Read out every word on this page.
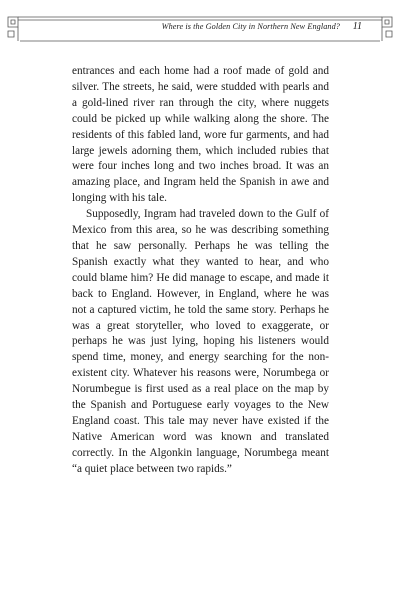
Where is the Golden City in Northern New England? 11

entrances and each home had a roof made of gold and silver. The streets, he said, were studded with pearls and a gold-lined river ran through the city, where nuggets could be picked up while walking along the shore. The residents of this fabled land, wore fur garments, and had large jewels adorning them, which included rubies that were four inches long and two inches broad. It was an amazing place, and Ingram held the Spanish in awe and longing with his tale.

Supposedly, Ingram had traveled down to the Gulf of Mexico from this area, so he was describing something that he saw personally. Perhaps he was telling the Spanish exactly what they wanted to hear, and who could blame him? He did manage to escape, and made it back to England. However, in England, where he was not a captured victim, he told the same story. Perhaps he was a great storyteller, who loved to exaggerate, or perhaps he was just lying, hoping his listeners would spend time, money, and energy searching for the non-existent city. Whatever his reasons were, Norumbega or Norumbegue is first used as a real place on the map by the Spanish and Portuguese early voyages to the New England coast. This tale may never have existed if the Native American word was known and translated correctly. In the Algonkin language, Norumbega meant “a quiet place between two rapids.”
